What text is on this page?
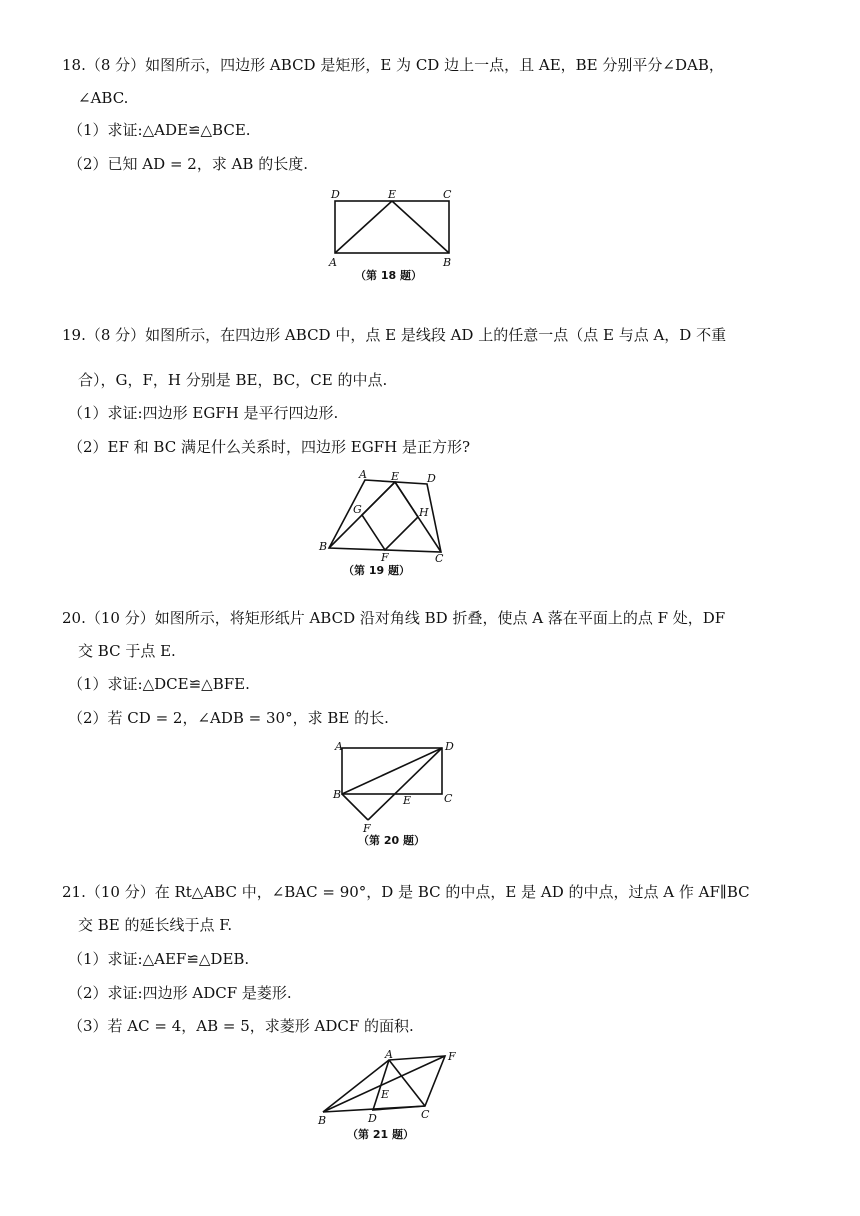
18.（8 分）如图所示，四边形 ABCD 是矩形，E 为 CD 边上一点，且 AE，BE 分别平分∠DAB，
∠ABC.
（1）求证:△ADE≌△BCE.
（2）已知 AD = 2，求 AB 的长度.
D	E	C
A	B
（第 18 题）
19.（8 分）如图所示，在四边形 ABCD 中，点 E 是线段 AD 上的任意一点（点 E 与点 A，D 不重
合），G，F，H 分别是 BE，BC，CE 的中点.
（1）求证:四边形 EGFH 是平行四边形.
（2）EF 和 BC 满足什么关系时，四边形 EGFH 是正方形?
A E	D
G	H
B
F	C
（第 19 题）
20.（10 分）如图所示，将矩形纸片 ABCD 沿对角线 BD 折叠，使点 A 落在平面上的点 F 处，DF
交 BC 于点 E.
（1）求证:△DCE≌△BFE.
（2）若 CD = 2，∠ADB = 30°，求 BE 的长.
A	D
B	E	C
F
（第 20 题）
21.（10 分）在 Rt△ABC 中，∠BAC = 90°，D 是 BC 的中点，E 是 AD 的中点，过点 A 作 AF∥BC
交 BE 的延长线于点 F.
（1）求证:△AEF≌△DEB.
（2）求证:四边形 ADCF 是菱形.
A	F
E
B	D	C
（第 21 题）
（3）若 AC = 4，AB = 5，求菱形 ADCF 的面积.
